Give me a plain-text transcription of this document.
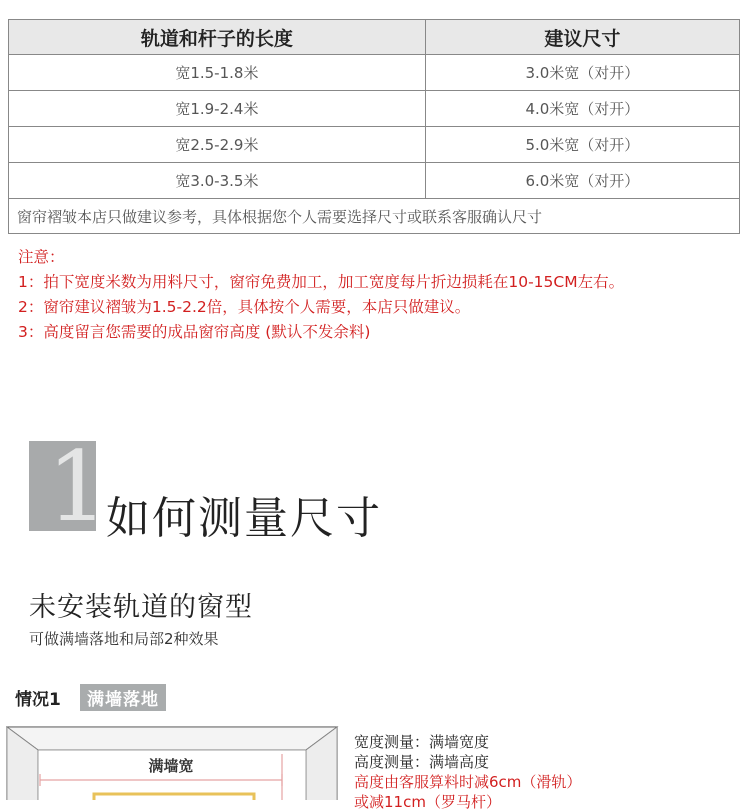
轨道和杆子的长度	建议尺寸
宽1.5-1.8米	3.0米宽（对开）
宽1.9-2.4米	4.0米宽（对开）
宽2.5-2.9米	5.0米宽（对开）
宽3.0-3.5米	6.0米宽（对开）
窗帘褶皱本店只做建议参考，具体根据您个人需要选择尺寸或联系客服确认尺寸	
注意：
1：拍下宽度米数为用料尺寸，窗帘免费加工，加工宽度每片折边损耗在10-15CM左右。
2：窗帘建议褶皱为1.5-2.2倍，具体按个人需要，本店只做建议。
3：高度留言您需要的成品窗帘高度 (默认不发余料)
1
如何测量尺寸
未安装轨道的窗型
可做满墙落地和局部2种效果
情况1	满墙落地
满墙宽
宽度测量：满墙宽度
高度测量：满墙高度
高度由客服算料时减6cm（滑轨）
或减11cm（罗马杆）
